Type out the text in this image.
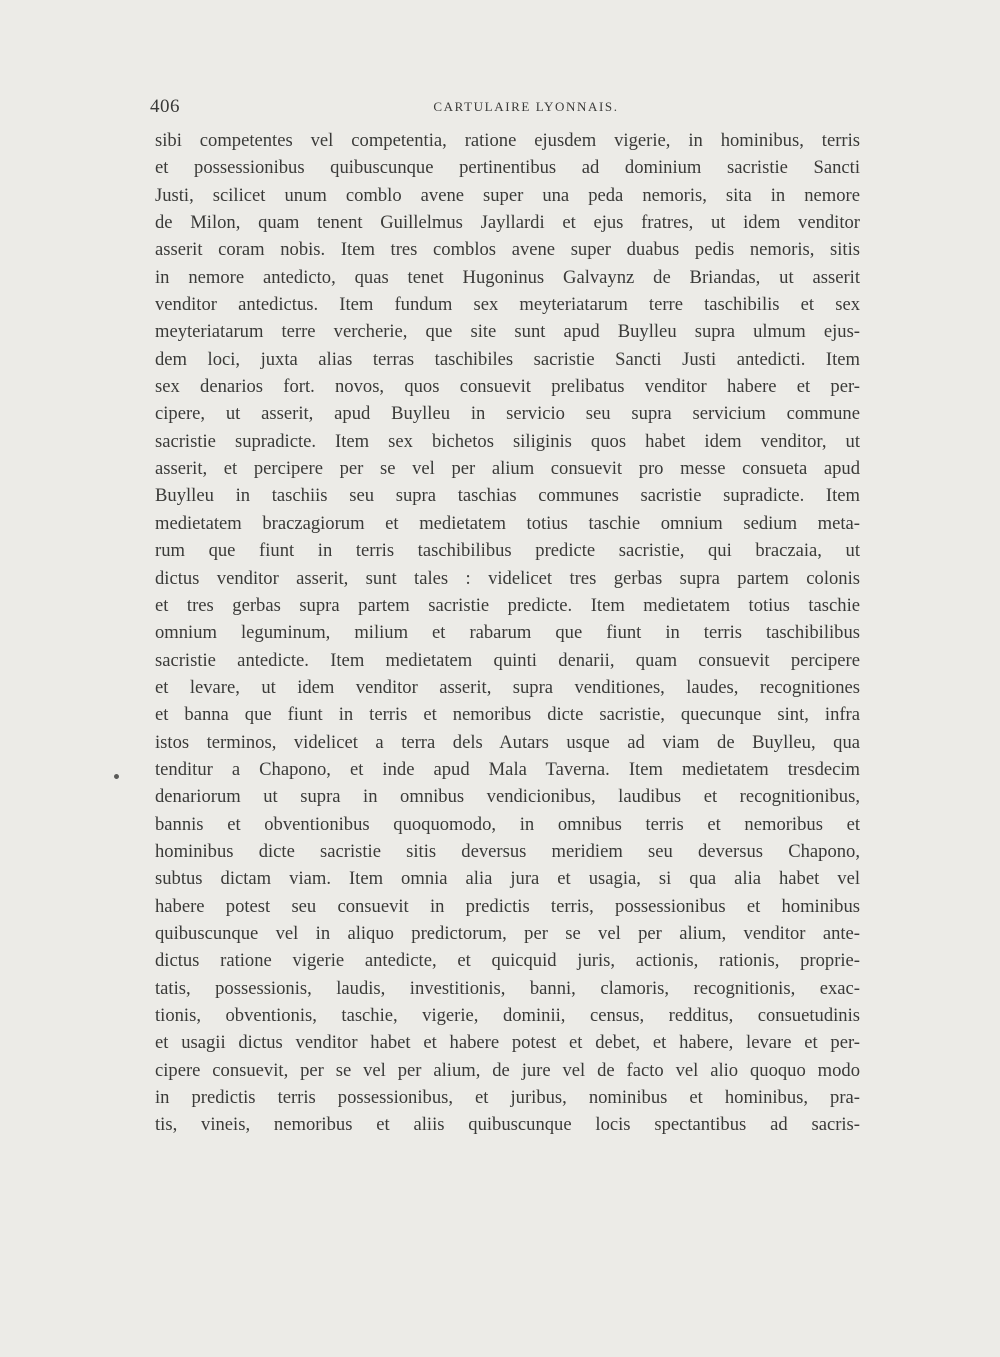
406	CARTULAIRE LYONNAIS.
sibi competentes vel competentia, ratione ejusdem vigerie, in hominibus, terris
et possessionibus quibuscunque pertinentibus ad dominium sacristie Sancti
Justi, scilicet unum comblo avene super una peda nemoris, sita in nemore
de Milon, quam tenent Guillelmus Jayllardi et ejus fratres, ut idem venditor
asserit coram nobis. Item tres comblos avene super duabus pedis nemoris, sitis
in nemore antedicto, quas tenet Hugoninus Galvaynz de Briandas, ut asserit
venditor antedictus. Item fundum sex meyteriatarum terre taschibilis et sex
meyteriatarum terre vercherie, que site sunt apud Buylleu supra ulmum ejus-
dem loci, juxta alias terras taschibiles sacristie Sancti Justi antedicti. Item
sex denarios fort. novos, quos consuevit prelibatus venditor habere et per-
cipere, ut asserit, apud Buylleu in servicio seu supra servicium commune
sacristie supradicte. Item sex bichetos siliginis quos habet idem venditor, ut
asserit, et percipere per se vel per alium consuevit pro messe consueta apud
Buylleu in taschiis seu supra taschias communes sacristie supradicte. Item
medietatem braczagiorum et medietatem totius taschie omnium sedium meta-
rum que fiunt in terris taschibilibus predicte sacristie, qui braczaia, ut
dictus venditor asserit, sunt tales : videlicet tres gerbas supra partem colonis
et tres gerbas supra partem sacristie predicte. Item medietatem totius taschie
omnium leguminum, milium et rabarum que fiunt in terris taschibilibus
sacristie antedicte. Item medietatem quinti denarii, quam consuevit percipere
et levare, ut idem venditor asserit, supra venditiones, laudes, recognitiones
et banna que fiunt in terris et nemoribus dicte sacristie, quecunque sint, infra
istos terminos, videlicet a terra dels Autars usque ad viam de Buylleu, qua
tenditur a Chapono, et inde apud Mala Taverna. Item medietatem tresdecim
denariorum ut supra in omnibus vendicionibus, laudibus et recognitionibus,
bannis et obventionibus quoquomodo, in omnibus terris et nemoribus et
hominibus dicte sacristie sitis deversus meridiem seu deversus Chapono,
subtus dictam viam. Item omnia alia jura et usagia, si qua alia habet vel
habere potest seu consuevit in predictis terris, possessionibus et hominibus
quibuscunque vel in aliquo predictorum, per se vel per alium, venditor ante-
dictus ratione vigerie antedicte, et quicquid juris, actionis, rationis, proprie-
tatis, possessionis, laudis, investitionis, banni, clamoris, recognitionis, exac-
tionis, obventionis, taschie, vigerie, dominii, census, redditus, consuetudinis
et usagii dictus venditor habet et habere potest et debet, et habere, levare et per-
cipere consuevit, per se vel per alium, de jure vel de facto vel alio quoquo modo
in predictis terris possessionibus, et juribus, nominibus et hominibus, pra-
tis, vineis, nemoribus et aliis quibuscunque locis spectantibus ad sacris-
